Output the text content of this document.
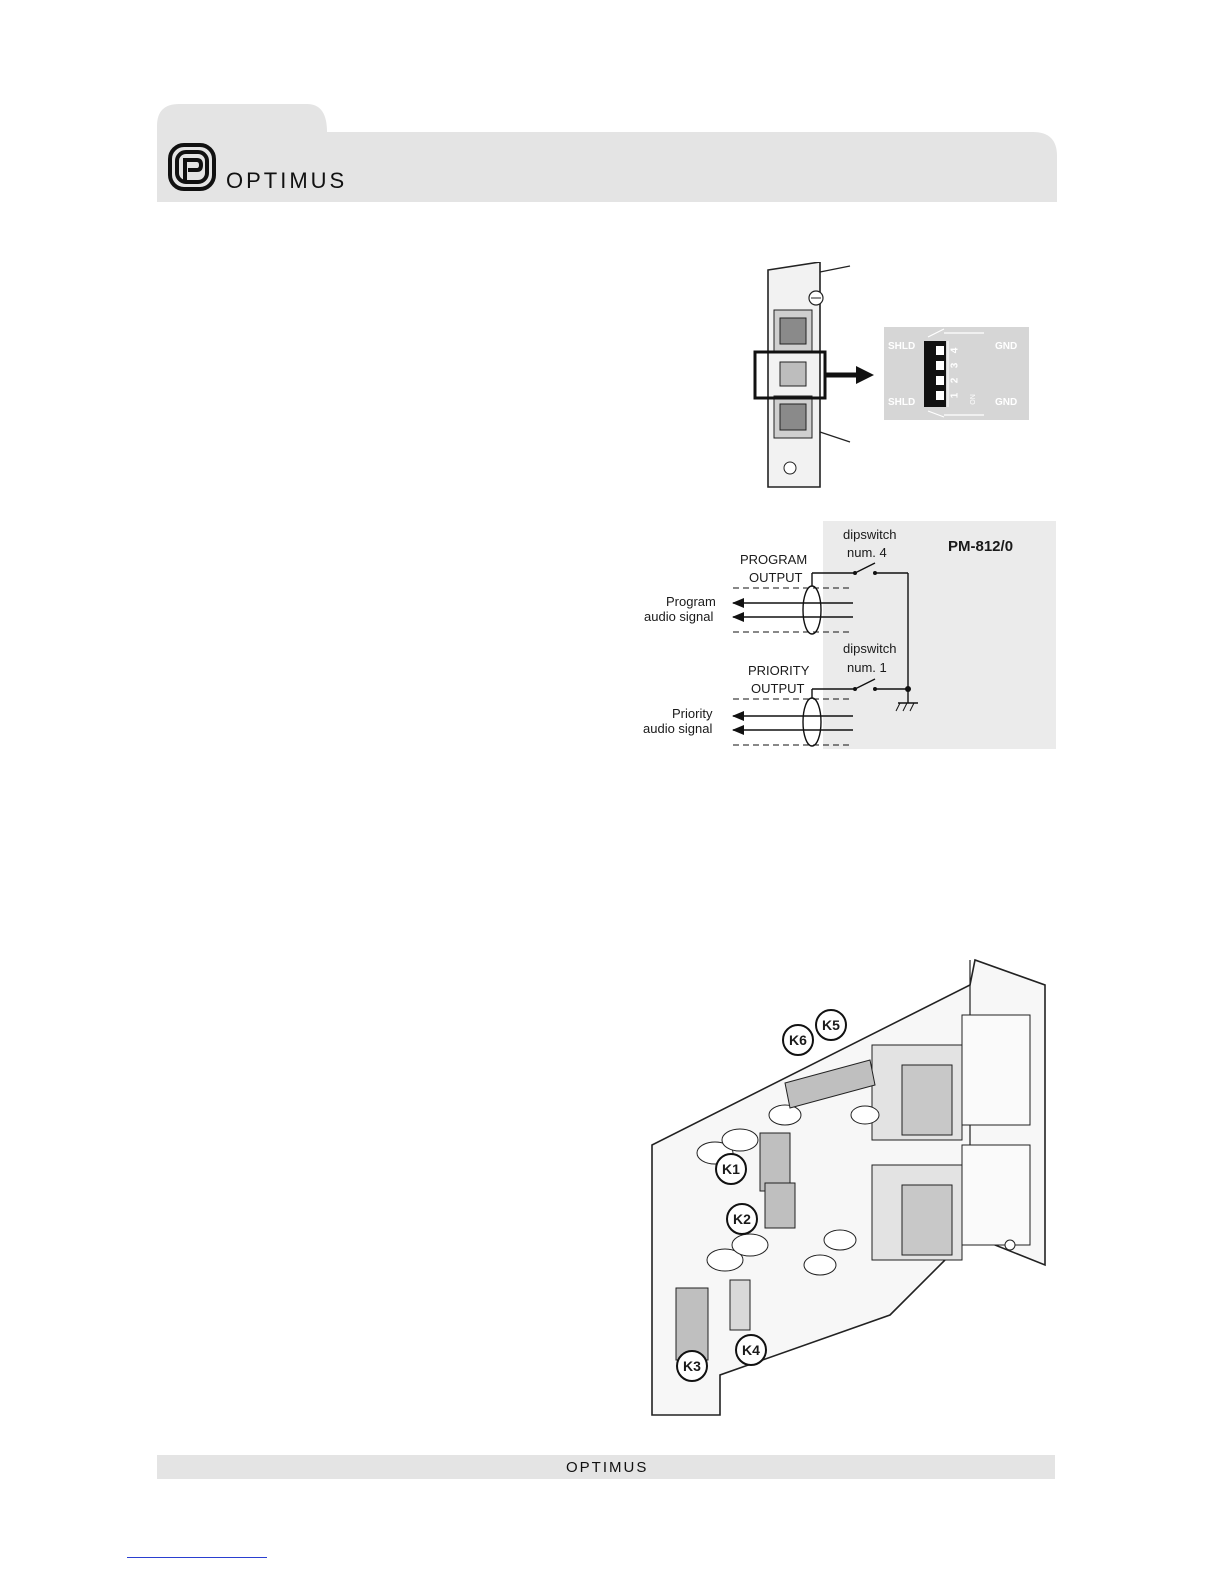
OPTIMUS
SHLD	GND
SHLD	GND
4
3
2
1 ON
PM-812/0
dipswitch
num. 4
dipswitch
num. 1
PROGRAM
OUTPUT
Program
audio signal
PRIORITY
OUTPUT
Priority
audio signal
K5
K6
K1
K2
K4
K3
OPTIMUS
